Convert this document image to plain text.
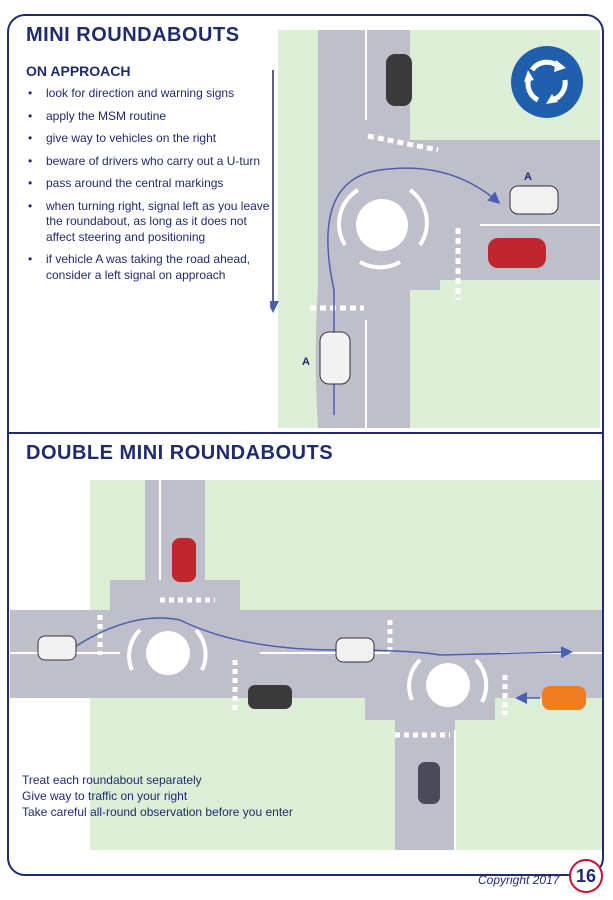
MINI ROUNDABOUTS
ON APPROACH
• look for direction and warning signs
• apply the MSM routine
• give way to vehicles on the right
• beware of drivers who carry out a U-turn
• pass around the central markings
• when turning right, signal left as you leave the roundabout, as long as it does not affect steering and positioning
• if vehicle A was taking the road ahead, consider a left signal on approach
A
A
DOUBLE MINI ROUNDABOUTS
Treat each roundabout separately
Give way to traffic on your right
Take careful all-round observation before you enter
Copyright 2017 16
